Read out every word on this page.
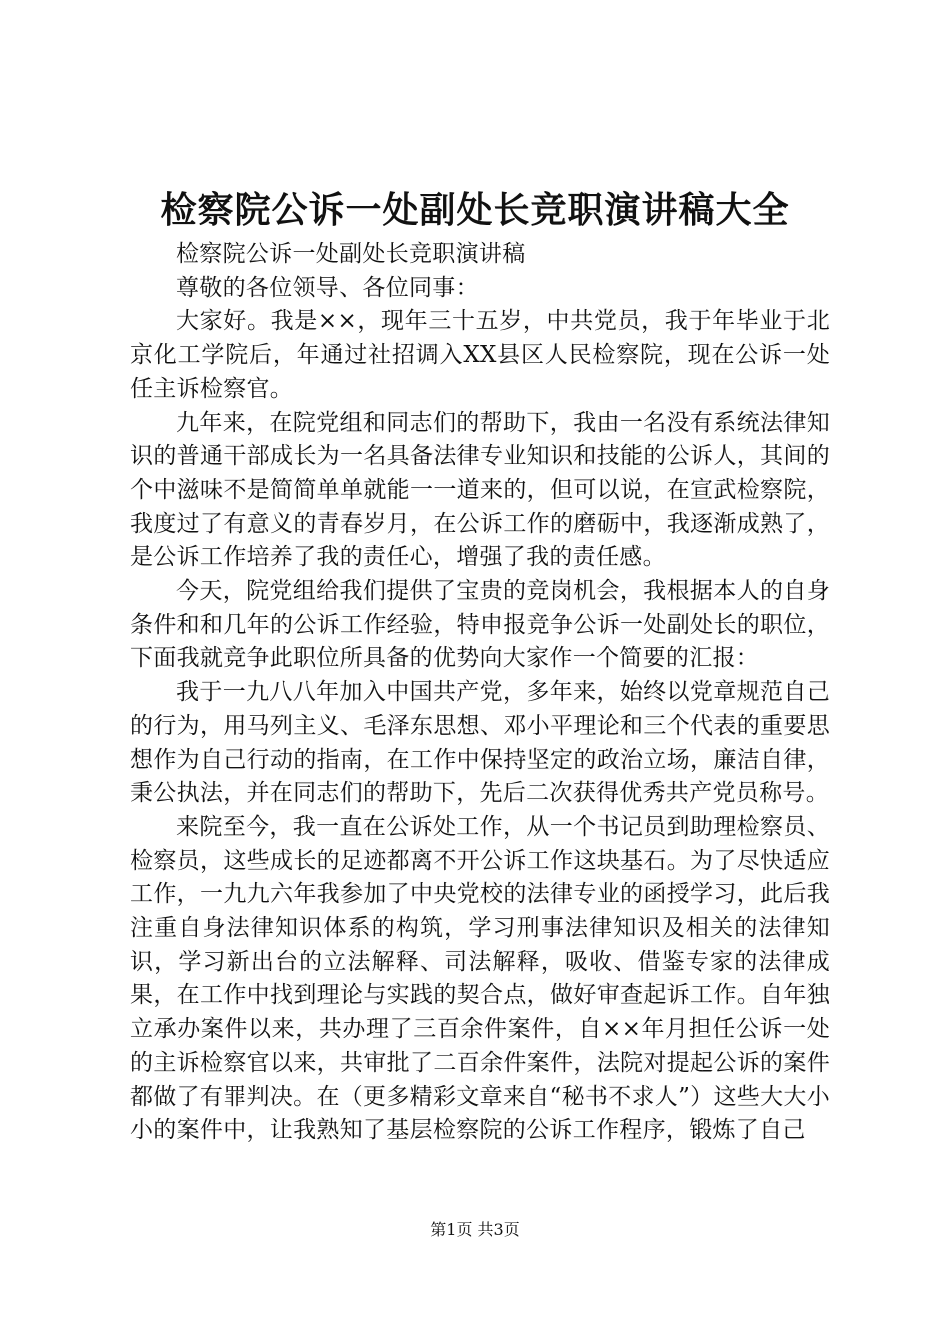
检察院公诉一处副处长竞职演讲稿大全

检察院公诉一处副处长竞职演讲稿

尊敬的各位领导、各位同事：

大家好。我是××，现年三十五岁，中共党员，我于年毕业于北京化工学院后，年通过社招调入XX县区人民检察院，现在公诉一处任主诉检察官。

九年来，在院党组和同志们的帮助下，我由一名没有系统法律知识的普通干部成长为一名具备法律专业知识和技能的公诉人，其间的个中滋味不是简简单单就能一一道来的，但可以说，在宣武检察院，我度过了有意义的青春岁月，在公诉工作的磨砺中，我逐渐成熟了，是公诉工作培养了我的责任心，增强了我的责任感。

今天，院党组给我们提供了宝贵的竞岗机会，我根据本人的自身条件和和几年的公诉工作经验，特申报竞争公诉一处副处长的职位，下面我就竞争此职位所具备的优势向大家作一个简要的汇报：

我于一九八八年加入中国共产党，多年来，始终以党章规范自己的行为，用马列主义、毛泽东思想、邓小平理论和三个代表的重要思想作为自己行动的指南，在工作中保持坚定的政治立场，廉洁自律，秉公执法，并在同志们的帮助下，先后二次获得优秀共产党员称号。

来院至今，我一直在公诉处工作，从一个书记员到助理检察员、检察员，这些成长的足迹都离不开公诉工作这块基石。为了尽快适应工作，一九九六年我参加了中央党校的法律专业的函授学习，此后我注重自身法律知识体系的构筑，学习刑事法律知识及相关的法律知识，学习新出台的立法解释、司法解释，吸收、借鉴专家的法律成果，在工作中找到理论与实践的契合点，做好审查起诉工作。自年独立承办案件以来，共办理了三百余件案件，自××年月担任公诉一处的主诉检察官以来，共审批了二百余件案件，法院对提起公诉的案件都做了有罪判决。在（更多精彩文章来自“秘书不求人”）这些大大小小的案件中，让我熟知了基层检察院的公诉工作程序，锻炼了自己

第1页 共3页
